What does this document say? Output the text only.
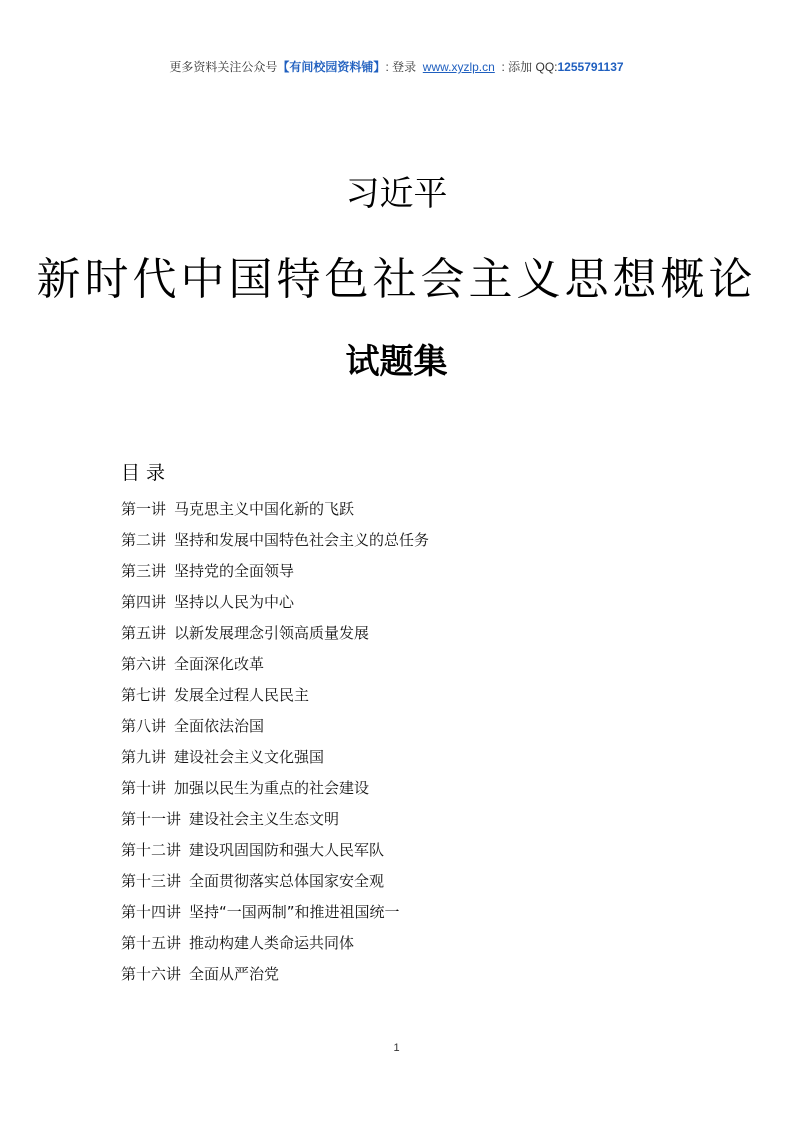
更多资料关注公众号【有间校园资料铺】: 登录 www.xyzlp.cn : 添加 QQ:1255791137
习近平
新时代中国特色社会主义思想概论
试题集
目录
第一讲 马克思主义中国化新的飞跃
第二讲 坚持和发展中国特色社会主义的总任务
第三讲 坚持党的全面领导
第四讲 坚持以人民为中心
第五讲 以新发展理念引领高质量发展
第六讲 全面深化改革
第七讲 发展全过程人民民主
第八讲 全面依法治国
第九讲 建设社会主义文化强国
第十讲 加强以民生为重点的社会建设
第十一讲 建设社会主义生态文明
第十二讲 建设巩固国防和强大人民军队
第十三讲 全面贯彻落实总体国家安全观
第十四讲 坚持“一国两制”和推进祖国统一
第十五讲 推动构建人类命运共同体
第十六讲 全面从严治党
1
